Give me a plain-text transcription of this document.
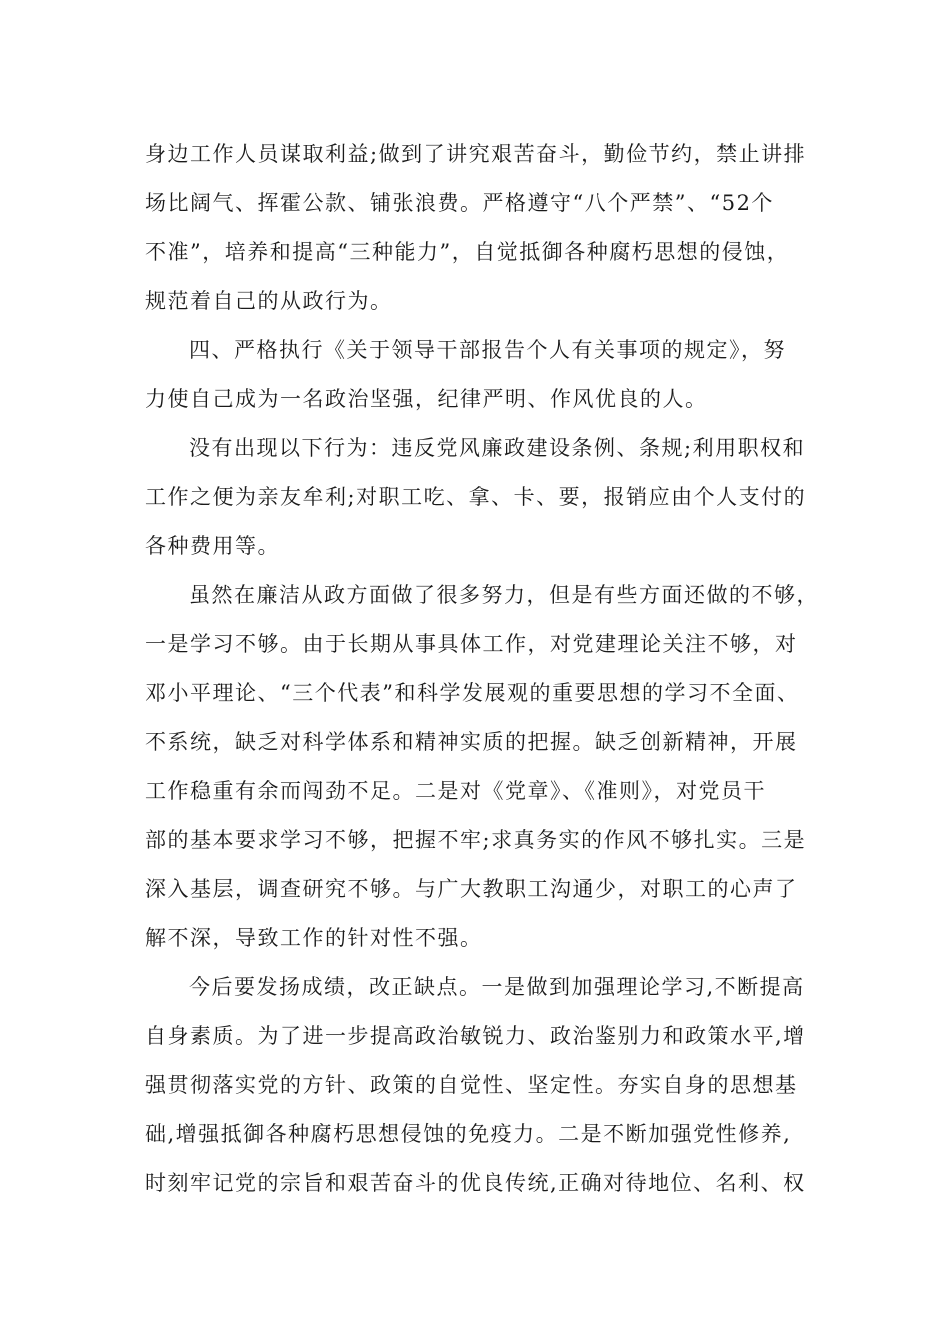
身边工作人员谋取利益;做到了讲究艰苦奋斗，勤俭节约，禁止讲排
场比阔气、挥霍公款、铺张浪费。严格遵守“八个严禁”、“52个
不准”，培养和提高“三种能力”，自觉抵御各种腐朽思想的侵蚀，
规范着自己的从政行为。

四、严格执行《关于领导干部报告个人有关事项的规定》，努
力使自己成为一名政治坚强，纪律严明、作风优良的人。

没有出现以下行为：违反党风廉政建设条例、条规;利用职权和
工作之便为亲友牟利;对职工吃、拿、卡、要，报销应由个人支付的
各种费用等。

虽然在廉洁从政方面做了很多努力，但是有些方面还做的不够，
一是学习不够。由于长期从事具体工作，对党建理论关注不够，对
邓小平理论、“三个代表”和科学发展观的重要思想的学习不全面、
不系统，缺乏对科学体系和精神实质的把握。缺乏创新精神，开展
工作稳重有余而闯劲不足。二是对《党章》、《准则》，对党员干
部的基本要求学习不够，把握不牢;求真务实的作风不够扎实。三是
深入基层，调查研究不够。与广大教职工沟通少，对职工的心声了
解不深，导致工作的针对性不强。

今后要发扬成绩，改正缺点。一是做到加强理论学习,不断提高
自身素质。为了进一步提高政治敏锐力、政治鉴别力和政策水平,增
强贯彻落实党的方针、政策的自觉性、坚定性。夯实自身的思想基
础,增强抵御各种腐朽思想侵蚀的免疫力。二是不断加强党性修养,
时刻牢记党的宗旨和艰苦奋斗的优良传统,正确对待地位、名利、权
